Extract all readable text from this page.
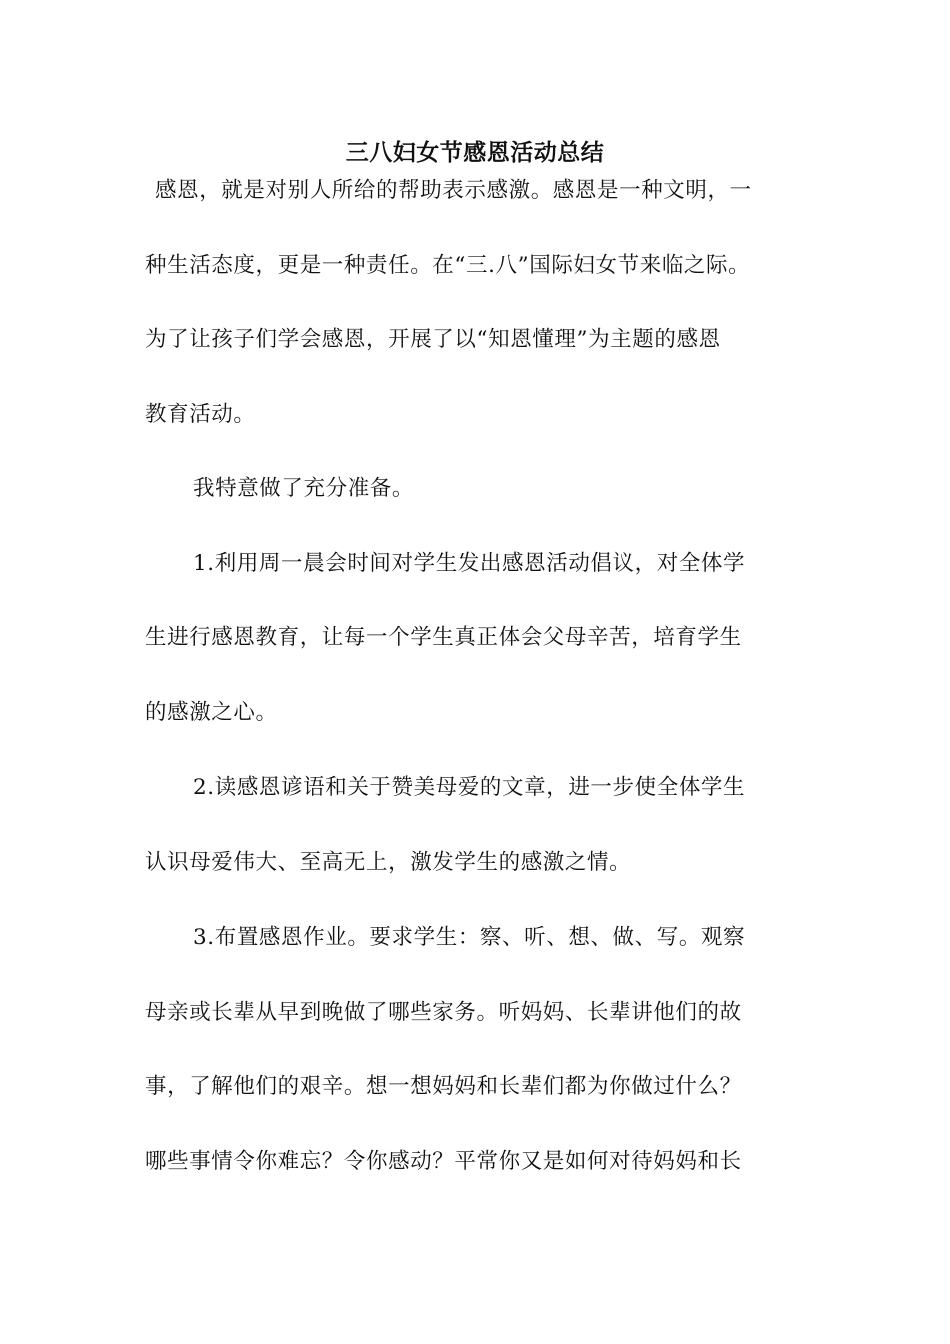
三八妇女节感恩活动总结
感恩，就是对别人所给的帮助表示感激。感恩是一种文明，一
种生活态度，更是一种责任。在“三.八”国际妇女节来临之际。
为了让孩子们学会感恩，开展了以“知恩懂理”为主题的感恩
教育活动。
我特意做了充分准备。
1.利用周一晨会时间对学生发出感恩活动倡议，对全体学
生进行感恩教育，让每一个学生真正体会父母辛苦，培育学生
的感激之心。
2.读感恩谚语和关于赞美母爱的文章，进一步使全体学生
认识母爱伟大、至高无上，激发学生的感激之情。
3.布置感恩作业。要求学生：察、听、想、做、写。观察
母亲或长辈从早到晚做了哪些家务。听妈妈、长辈讲他们的故
事，了解他们的艰辛。想一想妈妈和长辈们都为你做过什么？
哪些事情令你难忘？令你感动？平常你又是如何对待妈妈和长
